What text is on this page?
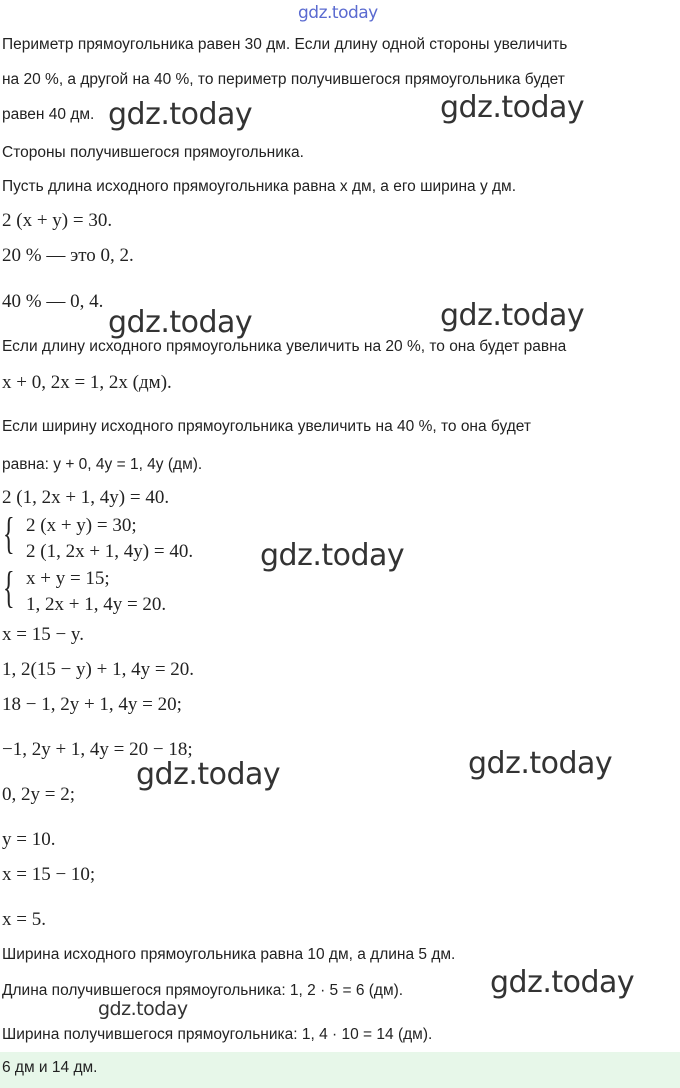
gdz.today
gdz.today	gdz.today
gdz.today	gdz.today
gdz.today
gdz.today	gdz.today
gdz.today
gdz.today
Периметр прямоугольника равен 30 дм. Если длину одной стороны увеличить
на 20 %, а другой на 40 %, то периметр получившегося прямоугольника будет
равен 40 дм.
Стороны получившегося прямоугольника.
Пусть длина исходного прямоугольника равна x дм, а его ширина y дм.
2 (x + y) = 30.
20 % — это 0, 2.
40 % — 0, 4.
Если длину исходного прямоугольника увеличить на 20 %, то она будет равна
x + 0, 2x = 1, 2x (дм).
Если ширину исходного прямоугольника увеличить на 40 %, то она будет
равна: y + 0, 4y = 1, 4y (дм).
2 (1, 2x + 1, 4y) = 40.
{ 2 (x + y) = 30;
2 (1, 2x + 1, 4y) = 40.
{ x + y = 15;
1, 2x + 1, 4y = 20.
x = 15 − y.
1, 2(15 − y) + 1, 4y = 20.
18 − 1, 2y + 1, 4y = 20;
−1, 2y + 1, 4y = 20 − 18;
0, 2y = 2;
y = 10.
x = 15 − 10;
x = 5.
Ширина исходного прямоугольника равна 10 дм, а длина 5 дм.
Длина получившегося прямоугольника: 1, 2 · 5 = 6 (дм).
Ширина получившегося прямоугольника: 1, 4 · 10 = 14 (дм).
6 дм и 14 дм.
